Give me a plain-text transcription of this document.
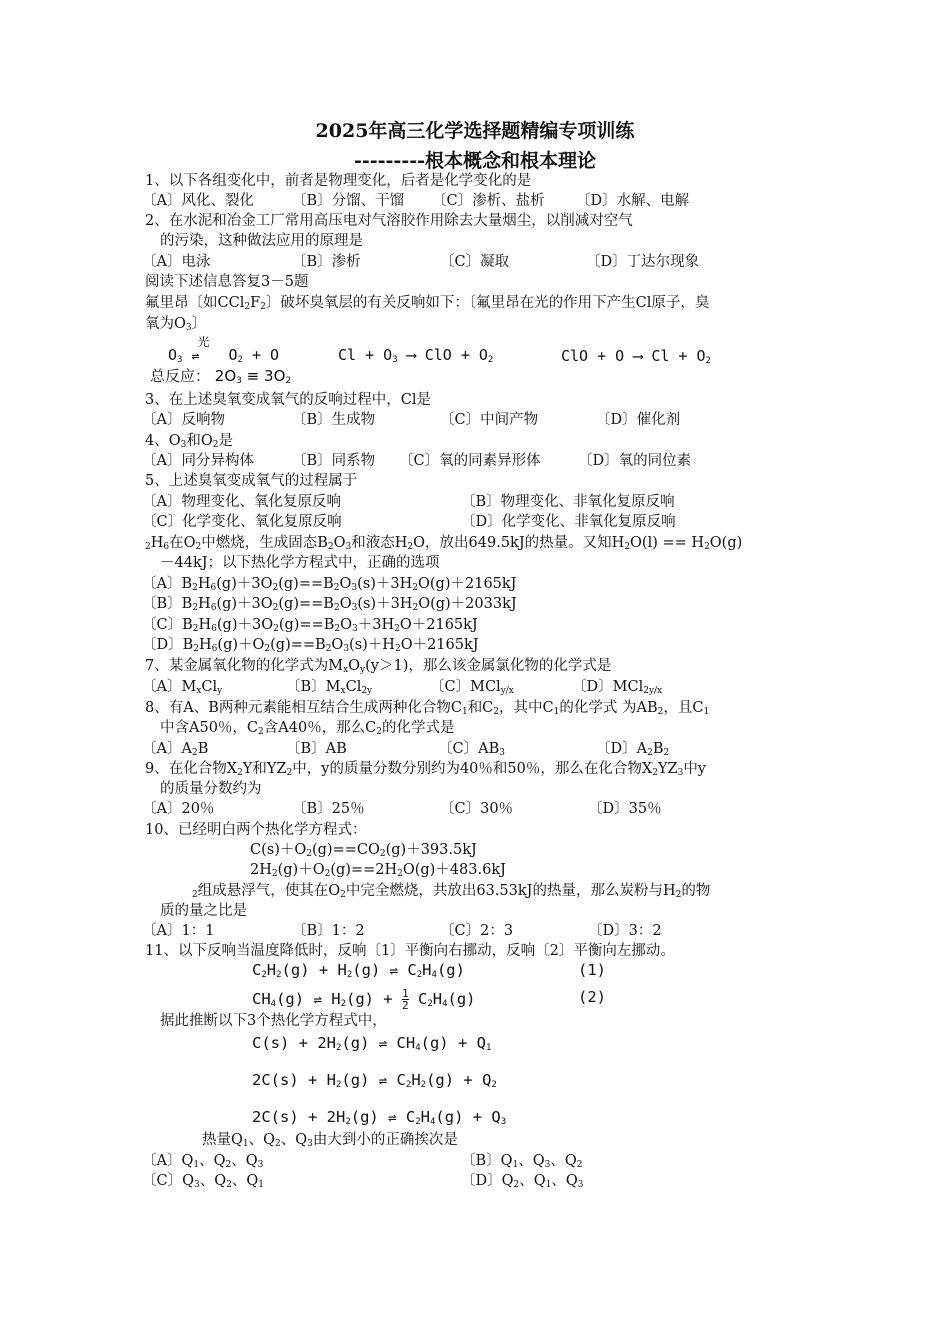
2025年高三化学选择题精编专项训练
---------根本概念和根本理论
1、以下各组变化中，前者是物理变化，后者是化学变化的是
〔A〕风化、裂化	〔B〕分馏、干馏 〔C〕渗析、盐析 〔D〕水解、电解
2、在水泥和冶金工厂常用高压电对气溶胶作用除去大量烟尘，以削减对空气
的污染，这种做法应用的原理是
〔A〕电泳	〔B〕渗析	〔C〕凝取	〔D〕丁达尔现象
阅读下述信息答复3－5题
氟里昂〔如$CCl_2F_2$〕破坏臭氧层的有关反响如下：〔氟里昂在光的作用下产生Cl原子，臭
氧为$O_3$〕
$O_3$
光
⇌ $O_2 + O$	$Cl + O_3$ ⟶ ClO + $O_2$	ClO + O ⟶ $Cl + O_2$
总反应： $2O_3 \equiv 3O_2$
3、在上述臭氧变成氧气的反响过程中，Cl是
〔A〕反响物	〔B〕生成物	〔C〕中间产物	〔D〕催化剂
4、$O_3$和$O_2$是
〔A〕同分异构体	〔B〕同系物 〔C〕氧的同素异形体	〔D〕氧的同位素
5、上述臭氧变成氧气的过程属于
〔A〕物理变化、氧化复原反响	〔B〕物理变化、非氧化复原反响
〔C〕化学变化、氧化复原反响	〔D〕化学变化、非氧化复原反响
$_2H_6$在$O_2$中燃烧，生成固态$B_2O_3$和液态$H_2O$，放出649.5kJ的热量。又知$H_2O(l) == H_2O(g)$
－44kJ；以下热化学方程式中，正确的选项
〔A〕$B_2H_6(g)+3O_2(g)==B_2O_3(s)+3H_2O(g)+2165kJ$
〔B〕$B_2H_6(g)+3O_2(g)==B_2O_3(s)+3H_2O(g)+2033kJ$
〔C〕$B_2H_6(g)+3O_2(g)==B_2O_3+3H_2O+2165kJ$
〔D〕$B_2H_6(g)+O_2(g)==B_2O_3(s)+H_2O+2165kJ$
7、某金属氧化物的化学式为$M_xO_y(y>1)$，那么该金属氯化物的化学式是
〔A〕$M_xCl_y$	〔B〕$M_xCl_{2y}$	〔C〕MCl$_{y/x}$	〔D〕MCl$_{2y/x}$
8、有A、B两种元素能相互结合生成两种化合物$C_1$和$C_2$，其中$C_1$的化学式 为$AB_2$，且$C_1$
中含A50％，$C_2$含A40％，那么$C_2$的化学式是
〔A〕$A_2B$	〔B〕AB	〔C〕$AB_3$	〔D〕$A_2B_2$
9、在化合物$X_2Y$和$YZ_2$中，y的质量分数分别约为40％和50％，那么在化合物$X_2YZ_3$中y
的质量分数约为
〔A〕20％	〔B〕25％	〔C〕30％	〔D〕35％
10、已经明白两个热化学方程式：
$C(s)+O_2(g)==CO_2(g)+393.5kJ$
$2H_2(g)+O_2(g)==2H_2O(g)+483.6kJ$
$_2$组成悬浮气，使其在$O_2$中完全燃烧，共放出63.53kJ的热量，那么炭粉与$H_2$的物
质的量之比是
〔A〕1：1	〔B〕1：2	〔C〕2：3	〔D〕3：2
11、以下反响当温度降低时，反响〔1〕平衡向右挪动，反响〔2〕平衡向左挪动。
$C_2H_2(g) + H_2(g)$ ⇌ $C_2H_4(g)$	(1)
$CH_4(g)$ ⇌ $H_2(g) + \frac{1}{2} C_2H_4(g)$	(2)
据此推断以下3个热化学方程式中，
$C(s) + 2H_2(g)$ ⇌ $CH_4(g) + Q_1$
$2C(s) + H_2(g)$ ⇌ $C_2H_2(g) + Q_2$
$2C(s) + 2H_2(g)$ ⇌ $C_2H_4(g) + Q_3$
热量$Q_1$、$Q_2$、$Q_3$由大到小的正确挨次是
〔A〕$Q_1$、$Q_2$、$Q_3$	〔B〕$Q_1$、$Q_3$、$Q_2$
〔C〕$Q_3$、$Q_2$、$Q_1$	〔D〕$Q_2$、$Q_1$、$Q_3$
